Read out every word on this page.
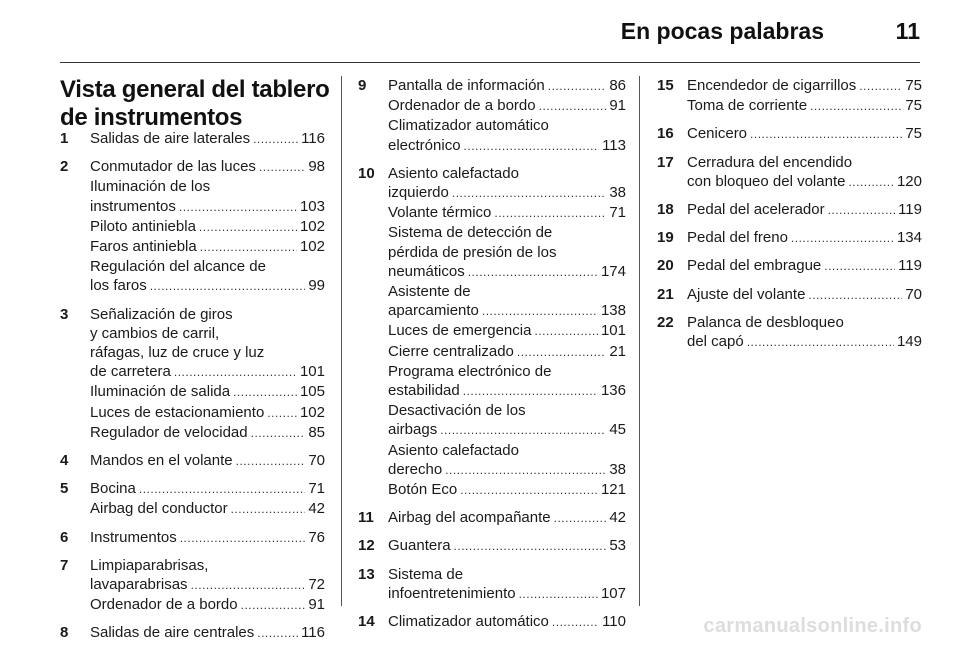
En pocas palabras	11
Vista general del tablero de instrumentos
1 Salidas de aire laterales .....	116
2 Conmutador de las luces .....	98
Iluminación de los
instrumentos .....	103
Piloto antiniebla .....	102
Faros antiniebla .....	102
Regulación del alcance de
los faros .....	99
3 Señalización de giros
y cambios de carril,
ráfagas, luz de cruce y luz
de carretera .....	101
Iluminación de salida .....	105
Luces de estacionamiento ..... 102
Regulador de velocidad .....	85
4 Mandos en el volante .....	70
5 Bocina .....	71
Airbag del conductor .....	42
6 Instrumentos .....	76
7 Limpiaparabrisas,
lavaparabrisas .....	72
Ordenador de a bordo .....	91
8 Salidas de aire centrales .....	116
9 Pantalla de información .....	86
Ordenador de a bordo .....	91
Climatizador automático
electrónico .....	113
10 Asiento calefactado
izquierdo .....	38
Volante térmico .....	71
Sistema de detección de
pérdida de presión de los
neumáticos .....	174
Asistente de
aparcamiento .....	138
Luces de emergencia .....	101
Cierre centralizado .....	21
Programa electrónico de
estabilidad .....	136
Desactivación de los
airbags .....	45
Asiento calefactado
derecho .....	38
Botón Eco .....	121
11 Airbag del acompañante .....	42
12 Guantera .....	53
13 Sistema de
infoentretenimiento .....	107
14 Climatizador automático .....	110
15 Encendedor de cigarrillos .....	75
Toma de corriente .....	75
16 Cenicero .....	75
17 Cerradura del encendido
con bloqueo del volante .....	120
18 Pedal del acelerador .....	119
19 Pedal del freno .....	134
20 Pedal del embrague .....	119
21 Ajuste del volante .....	70
22 Palanca de desbloqueo
del capó .....	149
carmanualsonline.info
